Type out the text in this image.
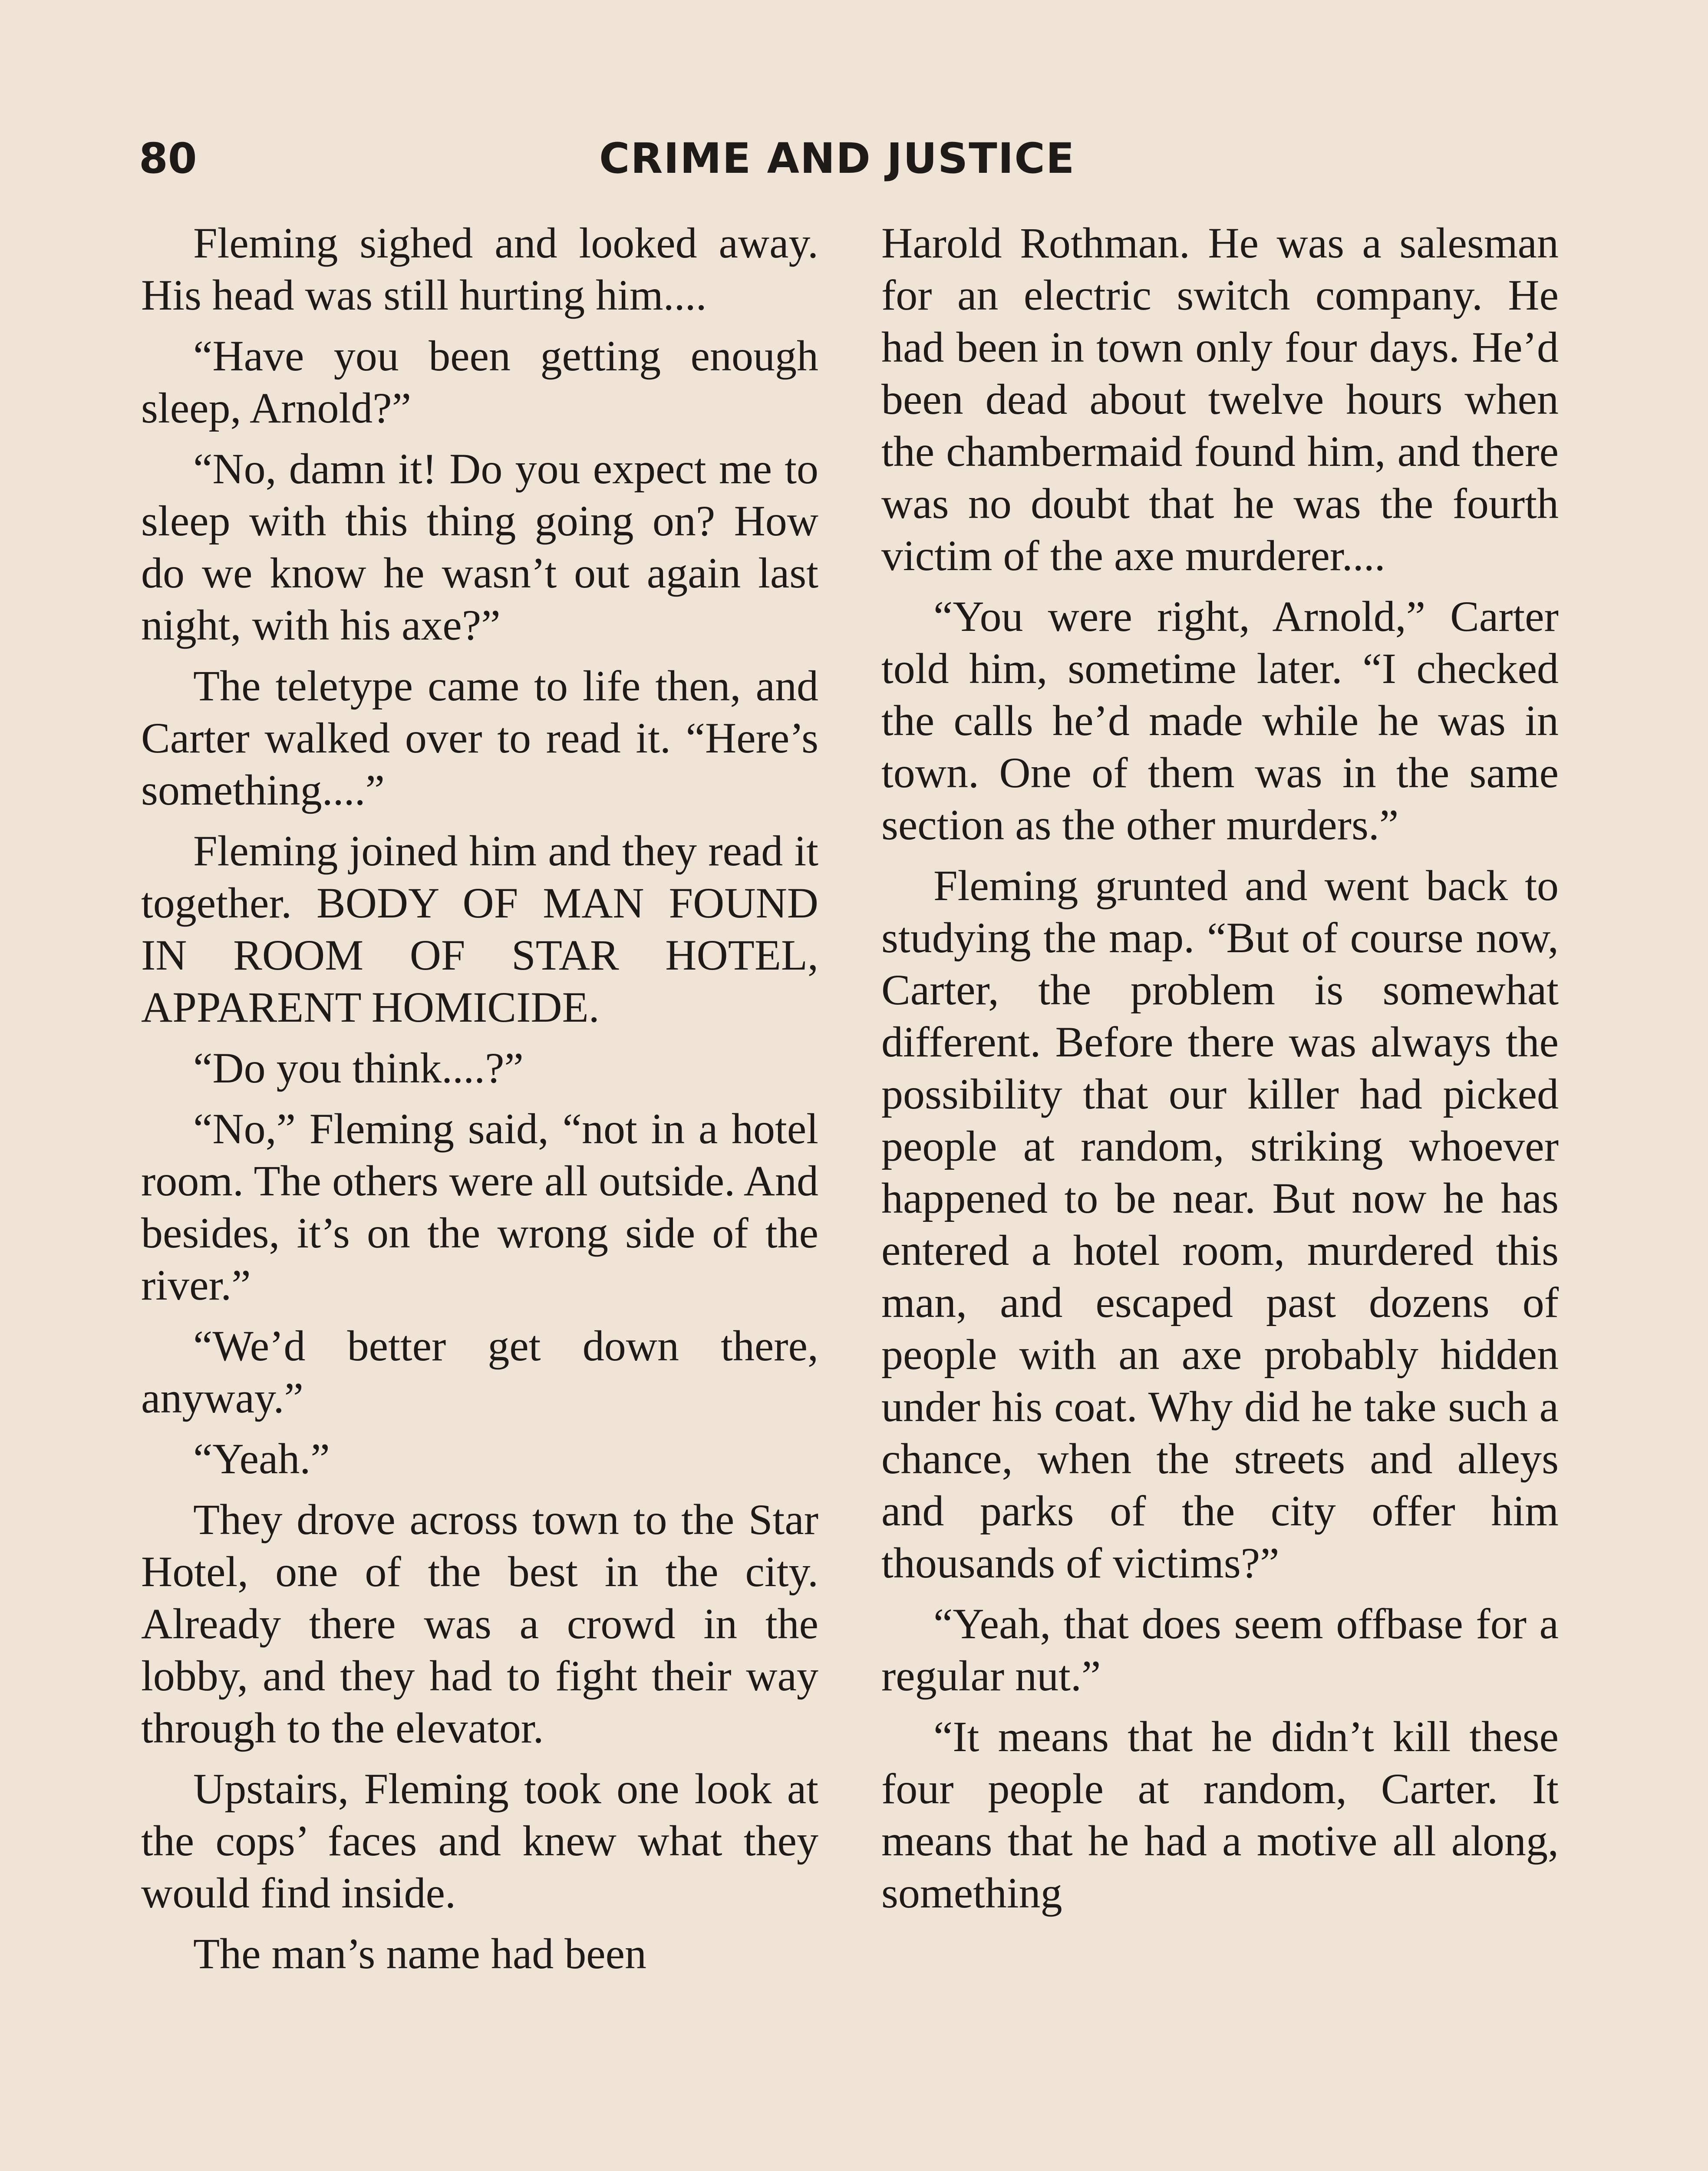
80	CRIME AND JUSTICE

Fleming sighed and looked away. His head was still hurting him....

“Have you been getting enough sleep, Arnold?”

“No, damn it! Do you expect me to sleep with this thing going on? How do we know he wasn’t out again last night, with his axe?”

The teletype came to life then, and Carter walked over to read it. “Here’s something....”

Fleming joined him and they read it together. BODY OF MAN FOUND IN ROOM OF STAR HOTEL, APPARENT HOMICIDE.

“Do you think....?”

“No,” Fleming said, “not in a hotel room. The others were all outside. And besides, it’s on the wrong side of the river.”

“We’d better get down there, anyway.”

“Yeah.”

They drove across town to the Star Hotel, one of the best in the city. Already there was a crowd in the lobby, and they had to fight their way through to the elevator.

Upstairs, Fleming took one look at the cops’ faces and knew what they would find inside.

The man’s name had been

Harold Rothman. He was a salesman for an electric switch company. He had been in town only four days. He’d been dead about twelve hours when the chambermaid found him, and there was no doubt that he was the fourth victim of the axe murderer....

“You were right, Arnold,” Carter told him, sometime later. “I checked the calls he’d made while he was in town. One of them was in the same section as the other murders.”

Fleming grunted and went back to studying the map. “But of course now, Carter, the problem is somewhat different. Before there was always the possibility that our killer had picked people at random, striking whoever happened to be near. But now he has entered a hotel room, murdered this man, and escaped past dozens of people with an axe probably hidden under his coat. Why did he take such a chance, when the streets and alleys and parks of the city offer him thousands of victims?”

“Yeah, that does seem offbase for a regular nut.”

“It means that he didn’t kill these four people at random, Carter. It means that he had a motive all along, something
